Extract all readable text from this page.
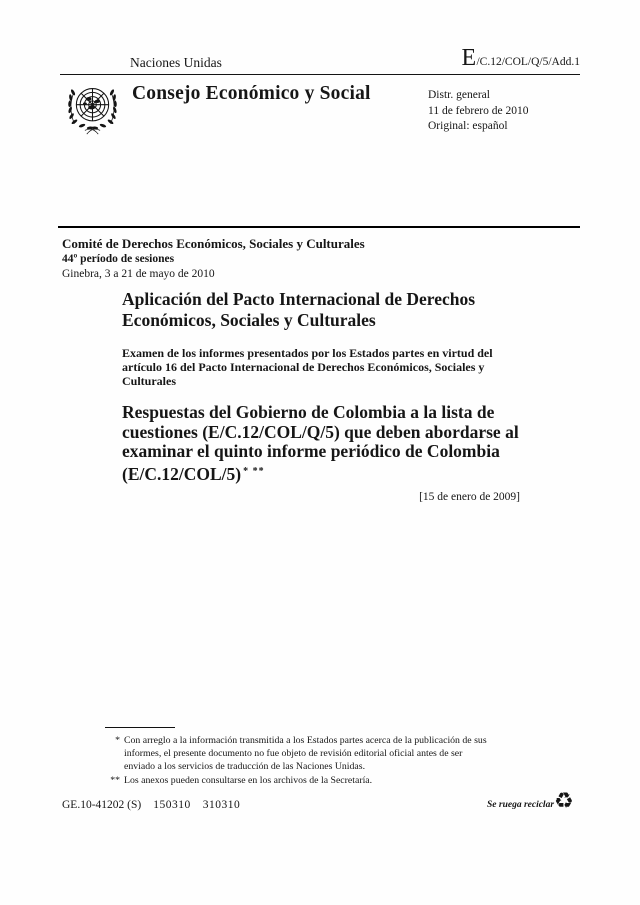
Naciones Unidas	E /C.12/COL/Q/5/Add.1
Consejo Económico y Social	Distr. general
11 de febrero de 2010
Original: español
Comité de Derechos Económicos, Sociales y Culturales
44º período de sesiones
Ginebra, 3 a 21 de mayo de 2010
Aplicación del Pacto Internacional de Derechos Económicos, Sociales y Culturales
Examen de los informes presentados por los Estados partes en virtud del artículo 16 del Pacto Internacional de Derechos Económicos, Sociales y Culturales
Respuestas del Gobierno de Colombia a la lista de cuestiones (E/C.12/COL/Q/5) que deben abordarse al examinar el quinto informe periódico de Colombia (E/C.12/COL/5) * **
[15 de enero de 2009]
* Con arreglo a la información transmitida a los Estados partes acerca de la publicación de sus informes, el presente documento no fue objeto de revisión editorial oficial antes de ser enviado a los servicios de traducción de las Naciones Unidas.
** Los anexos pueden consultarse en los archivos de la Secretaría.
GE.10-41202 (S) 150310 310310	Se ruega reciclar ♻
